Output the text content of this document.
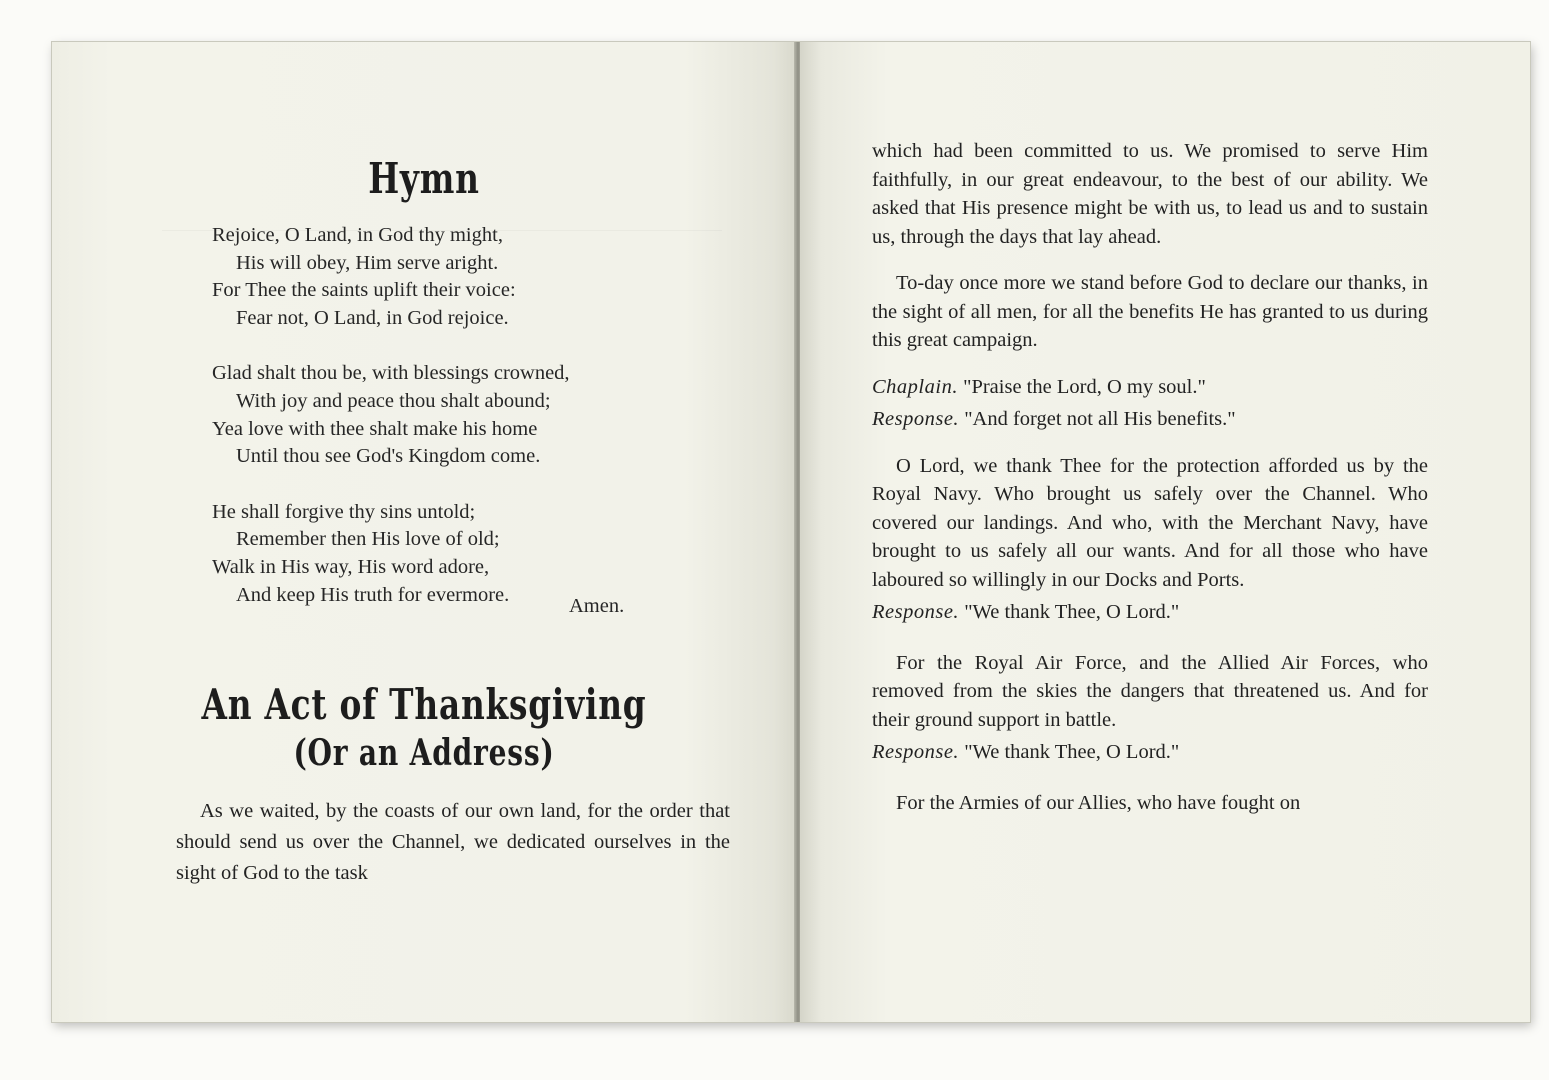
Hymn
Rejoice, O Land, in God thy might,
His will obey, Him serve aright.
For Thee the saints uplift their voice:
Fear not, O Land, in God rejoice.
Glad shalt thou be, with blessings crowned,
With joy and peace thou shalt abound;
Yea love with thee shalt make his home
Until thou see God's Kingdom come.
He shall forgive thy sins untold;
Remember then His love of old;
Walk in His way, His word adore,
And keep His truth for evermore.
Amen.
An Act of Thanksgiving
(Or an Address)

As we waited, by the coasts of our own land, for the order that should send us over the Channel, we dedicated ourselves in the sight of God to the task

which had been committed to us. We promised to serve Him faithfully, in our great endeavour, to the best of our ability. We asked that His presence might be with us, to lead us and to sustain us, through the days that lay ahead.

To-day once more we stand before God to declare our thanks, in the sight of all men, for all the benefits He has granted to us during this great campaign.

Chaplain. "Praise the Lord, O my soul."
Response. "And forget not all His benefits."

O Lord, we thank Thee for the protection afforded us by the Royal Navy. Who brought us safely over the Channel. Who covered our landings. And who, with the Merchant Navy, have brought to us safely all our wants. And for all those who have laboured so willingly in our Docks and Ports.

Response. "We thank Thee, O Lord."

For the Royal Air Force, and the Allied Air Forces, who removed from the skies the dangers that threatened us. And for their ground support in battle.

Response. "We thank Thee, O Lord."

For the Armies of our Allies, who have fought on
